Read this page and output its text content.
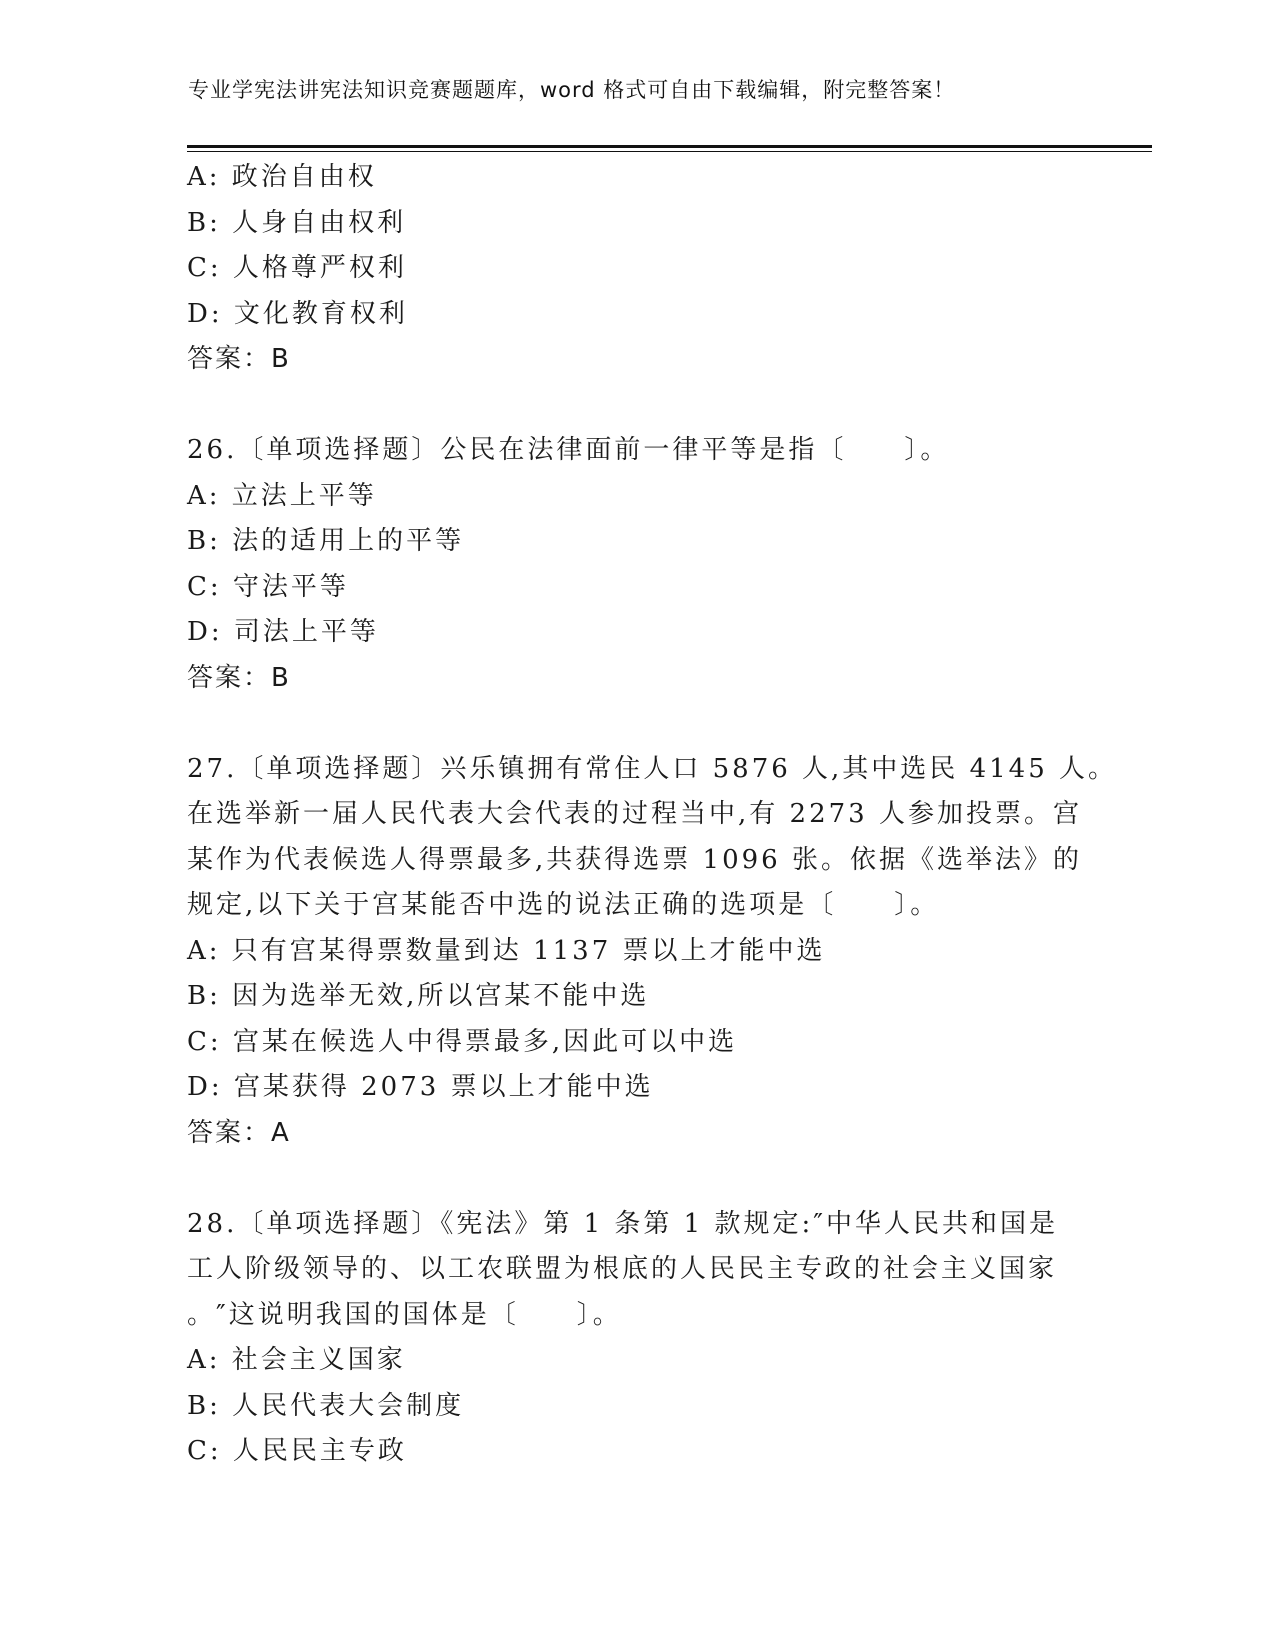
专业学宪法讲宪法知识竞赛题题库，word 格式可自由下载编辑，附完整答案！
A: 政治自由权
B: 人身自由权利
C: 人格尊严权利
D: 文化教育权利
答案：B
26.〔单项选择题〕公民在法律面前一律平等是指〔　　〕。
A: 立法上平等
B: 法的适用上的平等
C: 守法平等
D: 司法上平等
答案：B
27.〔单项选择题〕兴乐镇拥有常住人口 5876 人,其中选民 4145 人。
在选举新一届人民代表大会代表的过程当中,有 2273 人参加投票。宫
某作为代表候选人得票最多,共获得选票 1096 张。依据《选举法》的
规定,以下关于宫某能否中选的说法正确的选项是〔　　〕。
A: 只有宫某得票数量到达 1137 票以上才能中选
B: 因为选举无效,所以宫某不能中选
C: 宫某在候选人中得票最多,因此可以中选
D: 宫某获得 2073 票以上才能中选
答案：A
28.〔单项选择题〕《宪法》第 1 条第 1 款规定:″中华人民共和国是
工人阶级领导的、以工农联盟为根底的人民民主专政的社会主义国家
。″这说明我国的国体是〔　　〕。
A: 社会主义国家
B: 人民代表大会制度
C: 人民民主专政
